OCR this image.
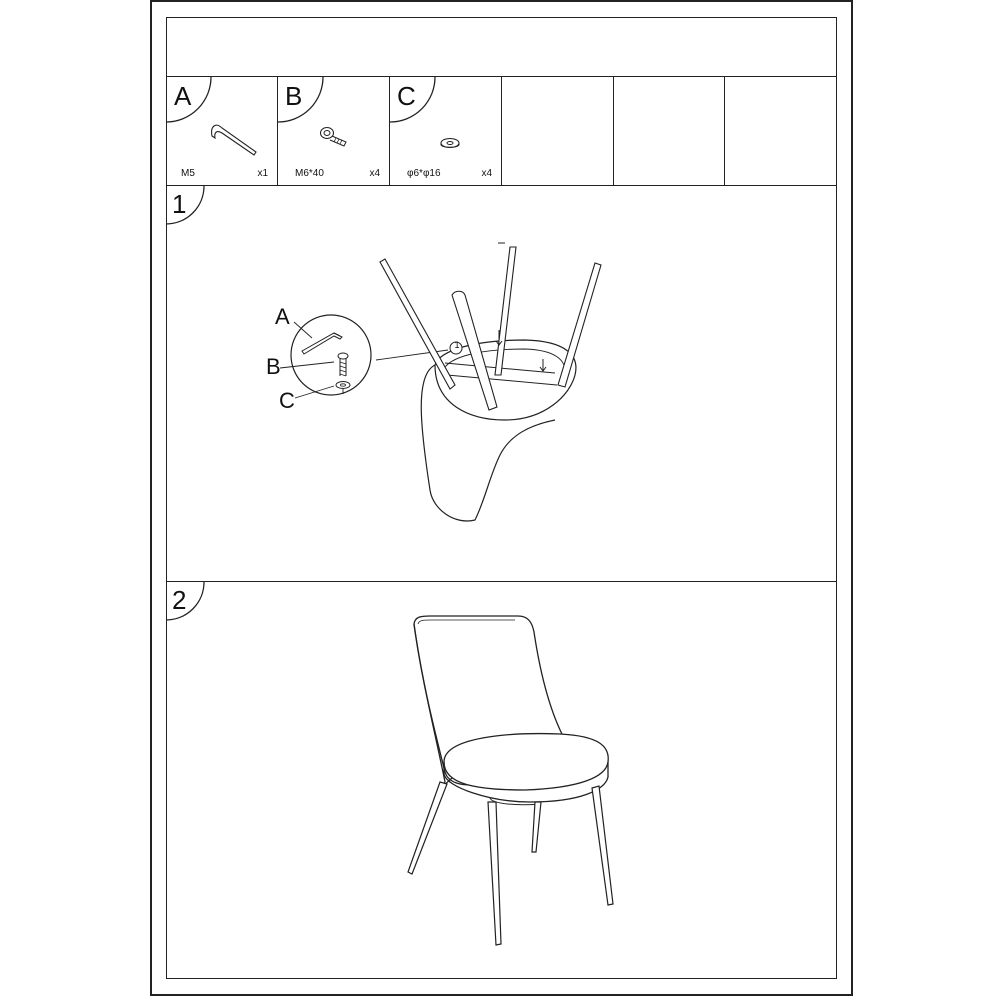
A
M5	x1
B
M6*40	x4
C
φ6*φ16	x4
1
A
B
C
1
2
